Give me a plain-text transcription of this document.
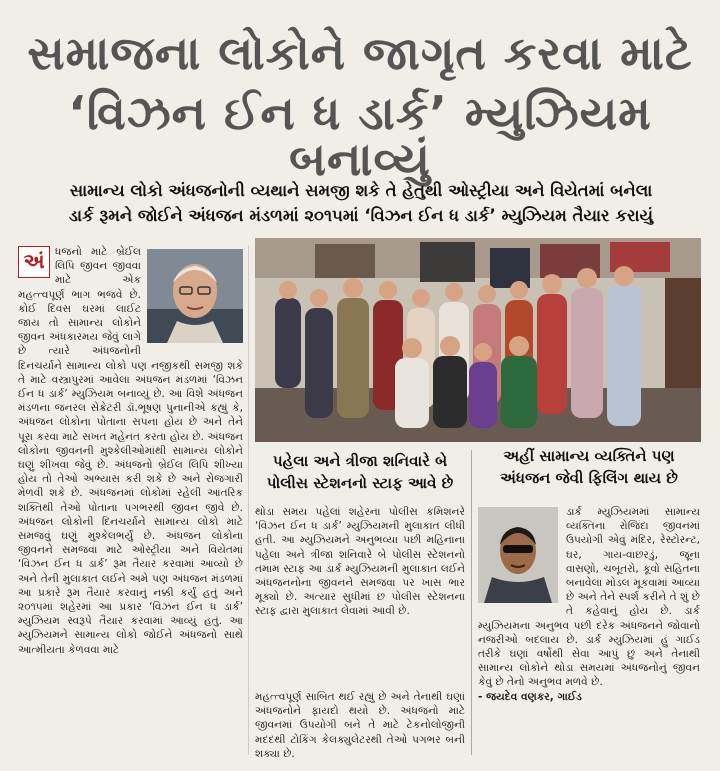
સમાજના લોકોને જાગૃત કરવા માટે
‘વિઝન ઈન ધ ડાર્ક’ મ્યુઝિયમ બનાવ્યું
સામાન્ય લોકો અંધજનોની વ્યથાને સમજી શકે તે હેતુથી ઓસ્ટ્રીયા અને વિયેતમાં બનેલા
ડાર્ક રૂમને જોઈને અંધજન મંડળમાં ૨૦૧૫માં ‘વિઝન ઈન ધ ડાર્ક’ મ્યુઝિયમ તૈયાર કરાયું
અં ધજનો માટે બ્રેઈલ લિપિ જીવન જીવવા માટે એક મહત્ત્વપૂર્ણ ભાગ ભજવે છે. કોઈ દિવસ ઘરમાં લાઈટ જાય તો સામાન્ય લોકોને જીવન અંધકારમય જેવું લાગે છે ત્યારે અંધજનોની દિનચર્યાને સામાન્ય લોકો પણ નજીકથી સમજી શકે તે માટે વસ્ત્રાપુરમાં આવેલા અંધજન મંડળમાં ‘વિઝન ઈન ધ ડાર્ક’ મ્યુઝિયમ બનાવ્યું છે. આ વિશે અંધજન મંડળના જનરલ સેક્રેટરી ડૉ.ભૂષણ પુનાનીએ કહ્યું કે, અંધજન લોકોના પોતાના સપના હોય છે અને તેને પૂરા કરવા માટે સખત મહેનત કરતા હોય છે. અંધજન લોકોના જીવનની મુશ્કેલીઓમાંથી સામાન્ય લોકોને ઘણું શીખવા જેવું છે. અંધજનો બ્રેઈલ લિપિ શીખ્યા હોય તો તેઓ અભ્યાસ કરી શકે છે અને રોજગારી મેળવી શકે છે. અંધજનમાં લોકોમાં રહેલી આંતરિક શક્તિથી તેઓ પોતાના પગભરથી જીવન જીવે છે. અંધજન લોકોની દિનચર્યાને સામાન્ય લોકો માટે સમજવું ઘણું મુશ્કેલભર્યું છે. અંધજન લોકોના જીવનને સમજવા માટે ઓસ્ટ્રીયા અને વિયેતમાં ‘વિઝન ઈન ધ ડાર્ક’ રૂમ તૈયાર કરવામાં આવ્યો છે અને તેની મુલાકાત લઈને અમે પણ અંધજન મંડળમાં આ પ્રકારે રૂમ તૈયાર કરવાનું નક્કી કર્યું હતું અને ૨૦૧૫માં શહેરમાં આ પ્રકાર ‘વિઝન ઈન ધ ડાર્ક’ મ્યુઝિયમ સ્વરૂપે તૈયાર કરવામાં આવ્યું હતું. આ મ્યુઝિયમને સામાન્ય લોકો જોઈને અંધજનો સાથે આત્મીયતા કેળવવા માટે

પહેલા અને ત્રીજા શનિવારે બે
પોલીસ સ્ટેશનનો સ્ટાફ આવે છે

થોડા સમય પહેલાં શહેરના પોલીસ કમિશનરે ‘વિઝન ઈન ધ ડાર્ક’ મ્યુઝિયમની મુલાકાત લીધી હતી. આ મ્યુઝિયમને અનુભવ્યા પછી મહિનાના પહેલા અને ત્રીજા શનિવારે બે પોલીસ સ્ટેશનનો તમામ સ્ટાફ આ ડાર્ક મ્યુઝિયમની મુલાકાત લઈને અંધજનનોના જીવનને સમજવા પર ખાસ ભાર મૂક્યો છે. અત્યાર સુધીમાં છ પોલીસ સ્ટેશનના સ્ટાફ દ્વારા મુલાકાત લેવામાં આવી છે.

મહત્ત્વપૂર્ણ સાબિત થઈ રહ્યું છે અને તેનાથી ઘણાં અંધજનોને ફાયદો થયો છે. અંધજનો માટે જીવનમાં ઉપયોગી બને તે માટે ટેકનોલોજીની મદદથી ટોકિંગ કેલક્યુલેટરથી તેઓ પગભર બની શક્યા છે.

અહીં સામાન્ય વ્યક્તિને પણ
અંધજન જેવી ફિલિંગ થાય છે

ડાર્ક મ્યુઝિયમમાં સામાન્ય વ્યક્તિના રોજિંદા જીવનમાં ઉપયોગી એવું મંદિર, રેસ્ટોરન્ટ, ઘર, ગાય-વાછરડું, જૂના વાસણો, ચબૂતરો, કૂવો સહિતના બનાવેલા મોડલ મૂકવામાં આવ્યા છે અને તેને સ્પર્શ કરીને તે શું છે તે કહેવાનું હોય છે. ડાર્ક મ્યુઝિયમના અનુભવ પછી દરેક અંધજનને જોવાનો નજરીઓ બદલાય છે. ડાર્ક મ્યુઝિયમાં હું ગાઈડ તરીકે ઘણાં વર્ષોથી સેવા આપું છું અને તેનાથી સામાન્ય લોકોને થોડા સમયમાં અંધજનોનું જીવન કેવું છે તેનો અનુભવ મળવે છે.

- જયદેવ વણકર, ગાઈડ
